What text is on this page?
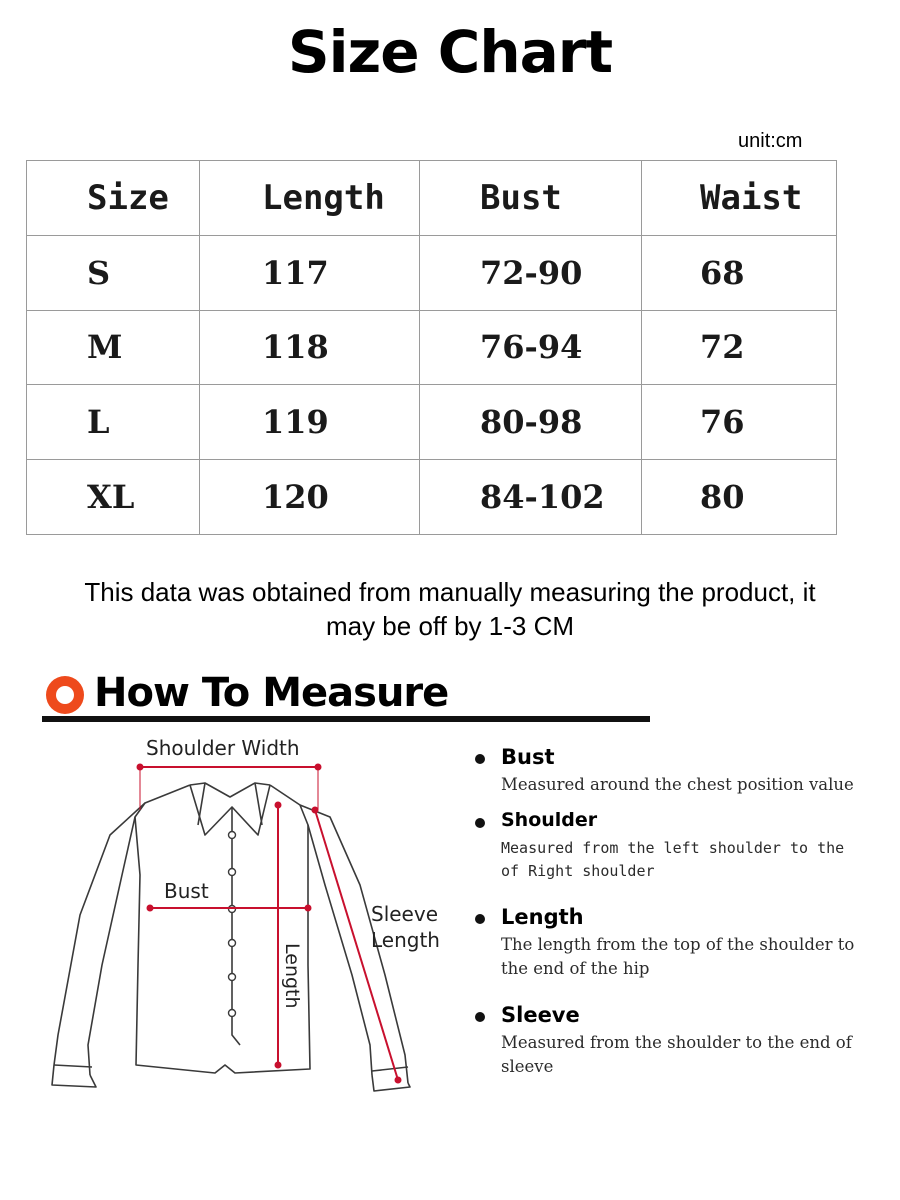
Size Chart
unit:cm
Size	Length	Bust	Waist
S	117	72-90	68
M	118	76-94	72
L	119	80-98	76
XL	120	84-102	80
This data was obtained from manually measuring the product, it
may be off by 1-3 CM
How To Measure
Shoulder Width
Bust
Sleeve
Length
Length
Bust
Measured around the chest position value
Shoulder
Measured from the left shoulder to the of Right shoulder
Length
The length from the top of the shoulder to the end of the hip
Sleeve
Measured from the shoulder to the end of sleeve
